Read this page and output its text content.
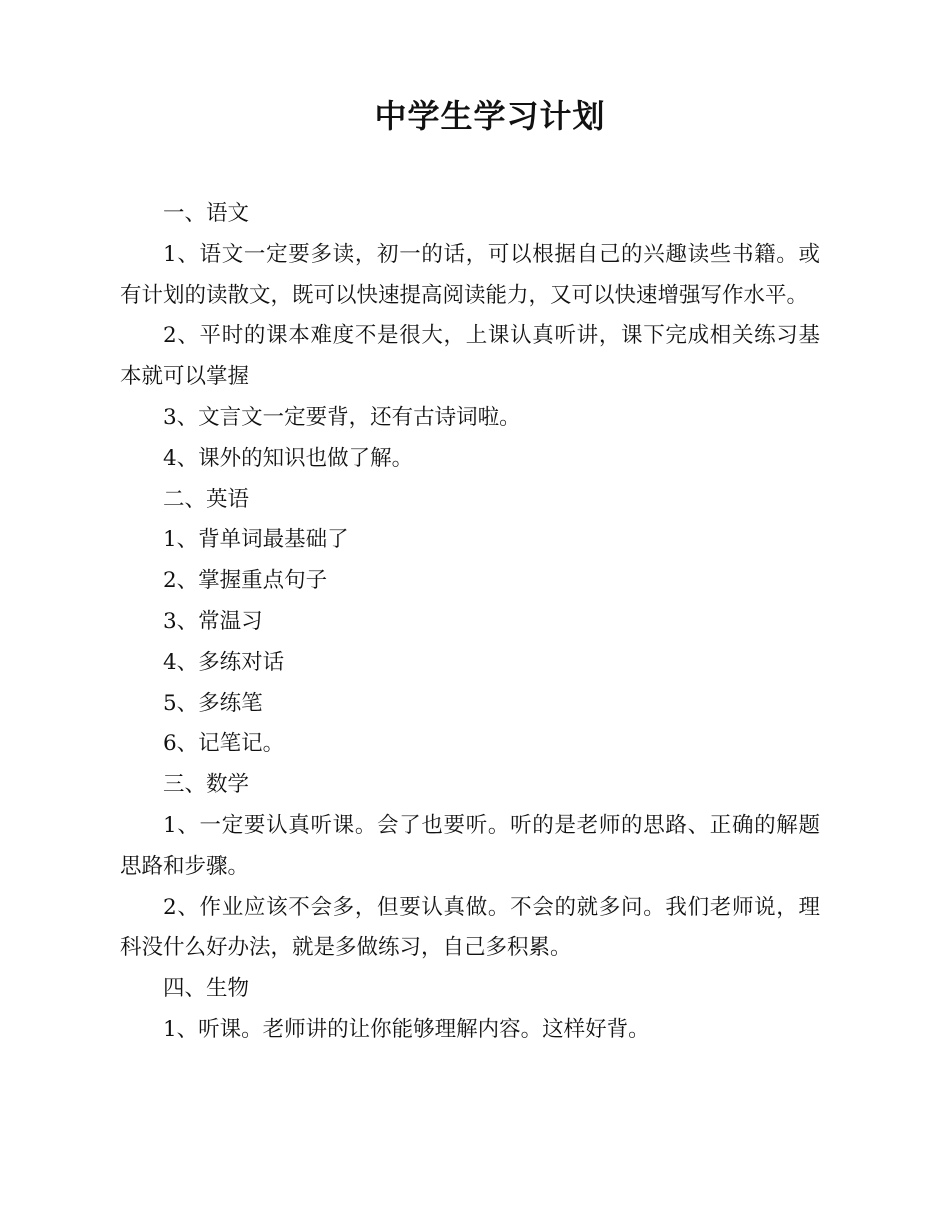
中学生学习计划

一、语文

1、语文一定要多读，初一的话，可以根据自己的兴趣读些书籍。或有计划的读散文，既可以快速提高阅读能力，又可以快速增强写作水平。

2、平时的课本难度不是很大，上课认真听讲，课下完成相关练习基本就可以掌握

3、文言文一定要背，还有古诗词啦。

4、课外的知识也做了解。

二、英语

1、背单词最基础了

2、掌握重点句子

3、常温习

4、多练对话

5、多练笔

6、记笔记。

三、数学

1、一定要认真听课。会了也要听。听的是老师的思路、正确的解题思路和步骤。

2、作业应该不会多，但要认真做。不会的就多问。我们老师说，理科没什么好办法，就是多做练习，自己多积累。

四、生物

1、听课。老师讲的让你能够理解内容。这样好背。
